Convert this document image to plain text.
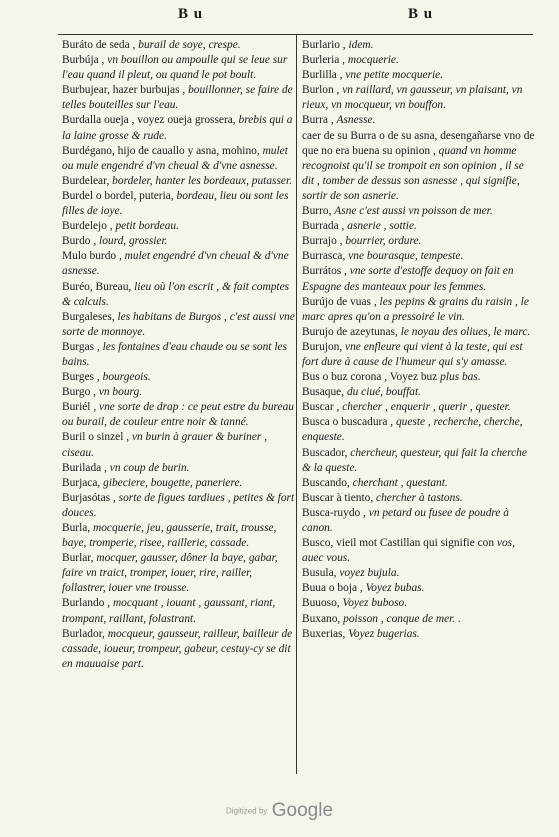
B u	B u

Buráto de seda , burail de soye, crespe.

Burbúja , vn bouillon ou ampoulle qui se leue sur l'eau quand il pleut, ou quand le pot boult.

Burbujear, hazer burbujas , bouillonner, se faire de telles bouteilles sur l'eau.

Burdalla oueja , voyez oueja grossera, brebis qui a la laine grosse & rude.

Burdégano, hijo de cauallo y asna, mohino, mulet ou mule engendré d'vn cheual & d'vne asnesse.

Burdelear, bordeler, hanter les bordeaux, putasser.

Burdel o bordel, puteria, bordeau, lieu ou sont les filles de ioye.

Burdelejo , petit bordeau.

Burdo , lourd, grossier.

Mulo burdo , mulet engendré d'vn cheual & d'vne asnesse.

Buréo, Bureau, lieu où l'on escrit , & fait comptes & calculs.

Burgaleses, les habitans de Burgos , c'est aussi vne sorte de monnoye.

Burgas , les fontaines d'eau chaude ou se sont les bains.

Burges , bourgeois.

Burgo , vn bourg.

Buriél , vne sorte de drap : ce peut estre du bureau ou burail, de couleur entre noir & tanné.

Buril o sinzel , vn burin à grauer & buriner , ciseau.

Burilada , vn coup de burin.

Burjaca, gibeciere, bougette, paneriere.

Burjasótas , sorte de figues tardiues , petites & fort douces.

Burla, mocquerie, jeu, gausserie, trait, trousse, baye, tromperie, risee, raillerie, cassade.

Burlar, mocquer, gausser, dôner la baye, gabar, faire vn traict, tromper, iouer, rire, railler, follastrer, iouer vne trousse.

Burlando , mocquant , iouant , gaussant, riant, trompant, raillant, folastrant.

Burlador, mocqueur, gausseur, railleur, bailleur de cassade, ioueur, trompeur, gabeur, cestuy-cy se dit en mauuaise part.

Burlario , idem.

Burleria , mocquerie.

Burlilla , vne petite mocquerie.

Burlon , vn raillard, vn gausseur, vn plaisant, vn rieux, vn mocqueur, vn bouffon.

Burra , Asnesse.

caer de su Burra o de su asna, desengañarse vno de que no era buena su opinion , quand vn homme recognoist qu'il se trompoit en son opinion , il se dit , tomber de dessus son asnesse , qui signifie, sortir de son asnerie.

Burro, Asne c'est aussi vn poisson de mer.

Burrada , asnerie , sottie.

Burrajo , bourrier, ordure.

Burrasca, vne bourasque, tempeste.

Burrátos , vne sorte d'estoffe dequoy on fait en Espagne des manteaux pour les femmes.

Burújo de vuas , les pepins & grains du raisin , le marc apres qu'on a pressoiré le vin.

Burujo de azeytunas, le noyau des oliues, le marc.

Burujon, vne enfleure qui vient à la teste, qui est fort dure à cause de l'humeur qui s'y amasse.

Bus o buz corona , Voyez buz plus bas.

Busaque, du ciué, bouffat.

Buscar , chercher , enquerir , querir , quester.

Busca o buscadura , queste , recherche, cherche, enqueste.

Buscador, chercheur, questeur, qui fait la cherche & la queste.

Buscando, cherchant , questant.

Buscar à tiento, chercher à tastons.

Busca-ruydo , vn petard ou fusee de poudre à canon.

Busco, vieil mot Castillan qui signifie con vos, auec vous.

Busula, voyez bujula.

Buua o boja , Voyez bubas.

Buuoso, Voyez buboso.

Buxano, poisson , conque de mer. .

Buxerias, Voyez bugerias.

Digitized by Google
